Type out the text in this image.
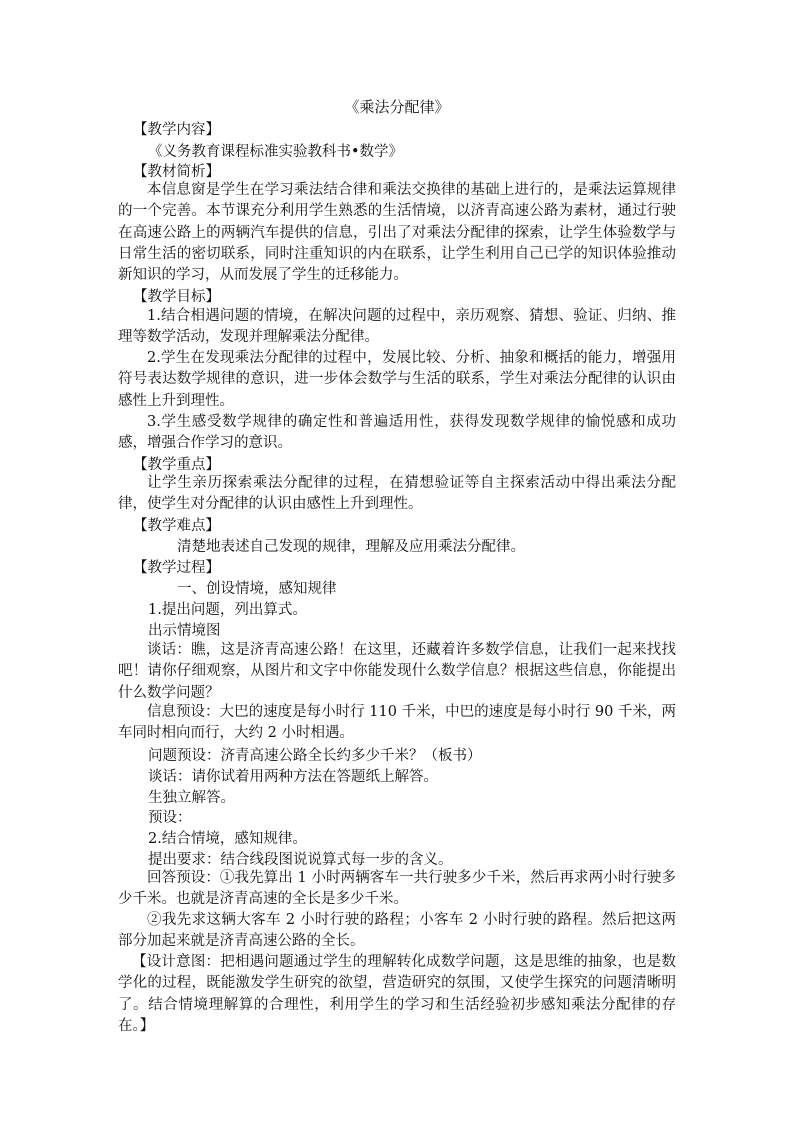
《乘法分配律》
【教学内容】
《义务教育课程标准实验教科书•数学》
【教材简析】

本信息窗是学生在学习乘法结合律和乘法交换律的基础上进行的，是乘法运算规律的一个完善。本节课充分利用学生熟悉的生活情境，以济青高速公路为素材，通过行驶在高速公路上的两辆汽车提供的信息，引出了对乘法分配律的探索，让学生体验数学与日常生活的密切联系，同时注重知识的内在联系，让学生利用自己已学的知识体验推动新知识的学习，从而发展了学生的迁移能力。

【教学目标】

1.结合相遇问题的情境，在解决问题的过程中，亲历观察、猜想、验证、归纳、推理等数学活动，发现并理解乘法分配律。

2.学生在发现乘法分配律的过程中，发展比较、分析、抽象和概括的能力，增强用符号表达数学规律的意识，进一步体会数学与生活的联系，学生对乘法分配律的认识由感性上升到理性。

3.学生感受数学规律的确定性和普遍适用性，获得发现数学规律的愉悦感和成功感，增强合作学习的意识。

【教学重点】

让学生亲历探索乘法分配律的过程，在猜想验证等自主探索活动中得出乘法分配律，使学生对分配律的认识由感性上升到理性。

【教学难点】
清楚地表述自己发现的规律，理解及应用乘法分配律。
【教学过程】
一、创设情境，感知规律
1.提出问题，列出算式。
出示情境图

谈话：瞧，这是济青高速公路！在这里，还藏着许多数学信息，让我们一起来找找吧！请你仔细观察，从图片和文字中你能发现什么数学信息？根据这些信息，你能提出什么数学问题？

信息预设：大巴的速度是每小时行 110 千米，中巴的速度是每小时行 90 千米，两车同时相向而行，大约 2 小时相遇。

问题预设：济青高速公路全长约多少千米？（板书）
谈话：请你试着用两种方法在答题纸上解答。
生独立解答。
预设：
2.结合情境，感知规律。
提出要求：结合线段图说说算式每一步的含义。

回答预设：①我先算出 1 小时两辆客车一共行驶多少千米，然后再求两小时行驶多少千米。也就是济青高速的全长是多少千米。

②我先求这辆大客车 2 小时行驶的路程；小客车 2 小时行驶的路程。然后把这两部分加起来就是济青高速公路的全长。

【设计意图：把相遇问题通过学生的理解转化成数学问题，这是思维的抽象，也是数学化的过程，既能激发学生研究的欲望，营造研究的氛围，又使学生探究的问题清晰明了。结合情境理解算的合理性，利用学生的学习和生活经验初步感知乘法分配律的存在。】
